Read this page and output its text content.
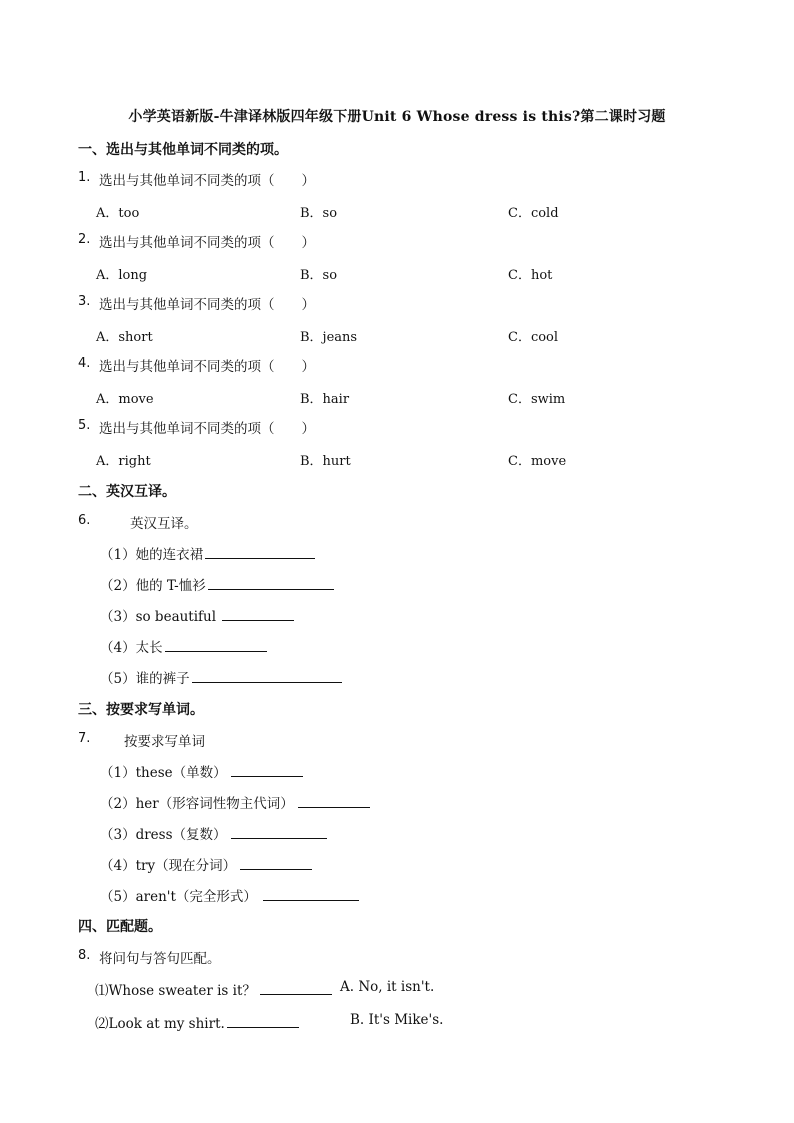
小学英语新版-牛津译林版四年级下册Unit 6 Whose dress is this?第二课时习题
一、选出与其他单词不同类的项。
1. 选出与其他单词不同类的项（　　）
A．too	B．so	C．cold
2. 选出与其他单词不同类的项（　　）
A．long	B．so	C．hot
3. 选出与其他单词不同类的项（　　）
A．short	B．jeans	C．cool
4. 选出与其他单词不同类的项（　　）
A．move	B．hair	C．swim
5. 选出与其他单词不同类的项（　　）
A．right	B．hurt	C．move
二、英汉互译。
6.	英汉互译。
（1）她的连衣裙
（2）他的 T-恤衫
（3）so beautiful
（4）太长
（5）谁的裤子
三、按要求写单词。
7. 按要求写单词
（1）these（单数）
（2）her（形容词性物主代词）
（3）dress（复数）
（4）try（现在分词）
（5）aren't（完全形式）
四、匹配题。
8. 将问句与答句匹配。
⑴Whose sweater is it？	A. No, it isn't.
⑵Look at my shirt.	B. It's Mike's.
